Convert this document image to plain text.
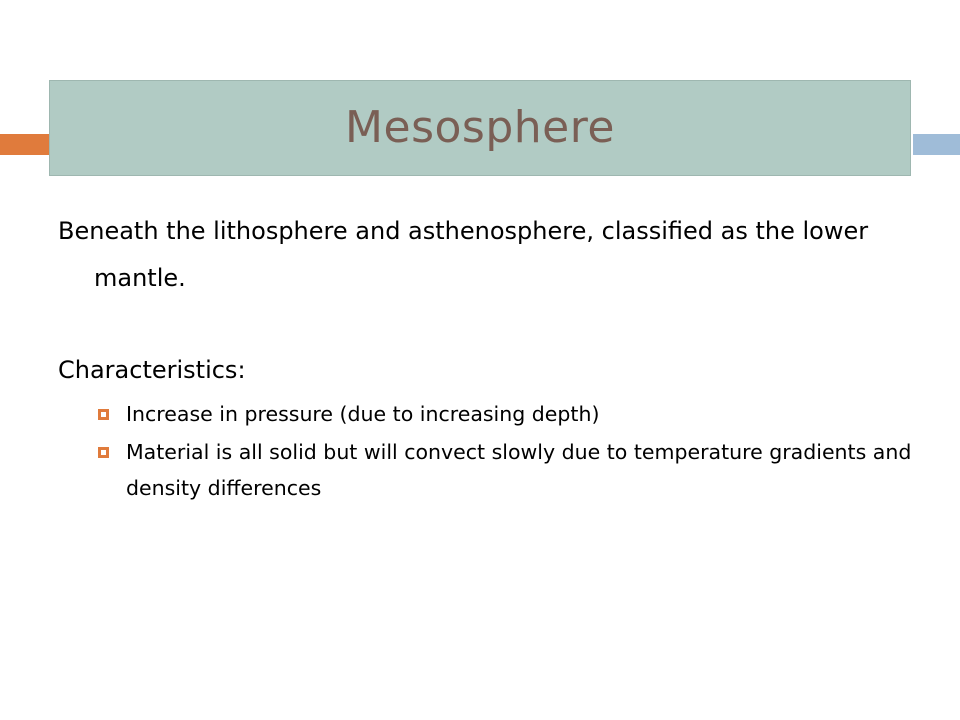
Mesosphere

Beneath the lithosphere and asthenosphere, classified as the lower mantle.

Characteristics:

Increase in pressure (due to increasing depth)
Material is all solid but will convect slowly due to temperature gradients and density differences
